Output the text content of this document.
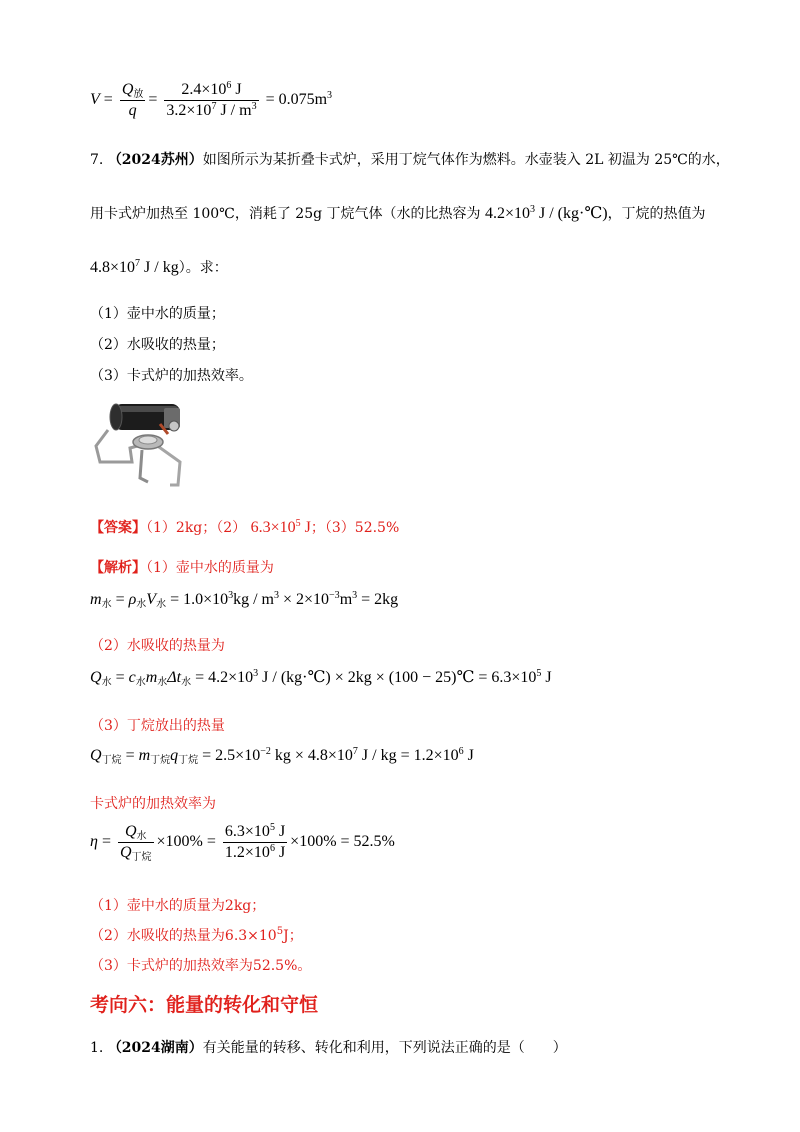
$V = \frac{Q_放}{q} = \frac{2.4\times 10^6 J}{3.2\times 10^7 J / m^3} = 0.075m^3$
7. （2024苏州）如图所示为某折叠卡式炉，采用丁烷气体作为燃料。水壶装入 2L 初温为 25℃的水，
用卡式炉加热至 100℃，消耗了 25g 丁烷气体（水的比热容为 $4.2\times 10^3$ J / (kg·℃)，丁烷的热值为
$4.8\times 10^7$ J / kg）。求：
（1）壶中水的质量；
（2）水吸收的热量；
（3）卡式炉的加热效率。
【答案】（1）2kg；（2） $6.3\times 10^5$ J；（3）52.5%
【解析】（1）壶中水的质量为
$m_水 = \rho_水V_水 = 1.0\times 10^3kg / m^3 \times 2\times 10^{-3}m^3 = 2kg$
（2）水吸收的热量为
$Q_水 = c_水m_水\Delta t_水 = 4.2\times 10^3$ J / (kg·℃) × 2kg × (100 − 25)℃ = $6.3\times 10^5$ J
（3）丁烷放出的热量
$Q_{丁烷} = m_{丁烷}q_{丁烷} = 2.5\times 10^{-2}$ kg × $4.8\times 10^7$ J / kg = $1.2\times 10^6$ J
卡式炉的加热效率为
$\eta = \frac{Q_水}{Q_{丁烷}} \times 100\% = \frac{6.3\times 10^5 J}{1.2\times 10^6 J} \times 100\% = 52.5\%$
（1）壶中水的质量为2kg；
（2）水吸收的热量为$6.3\times 10^5J$；
（3）卡式炉的加热效率为52.5%。
考向六：能量的转化和守恒
1. （2024湖南）有关能量的转移、转化和利用，下列说法正确的是（　　）
